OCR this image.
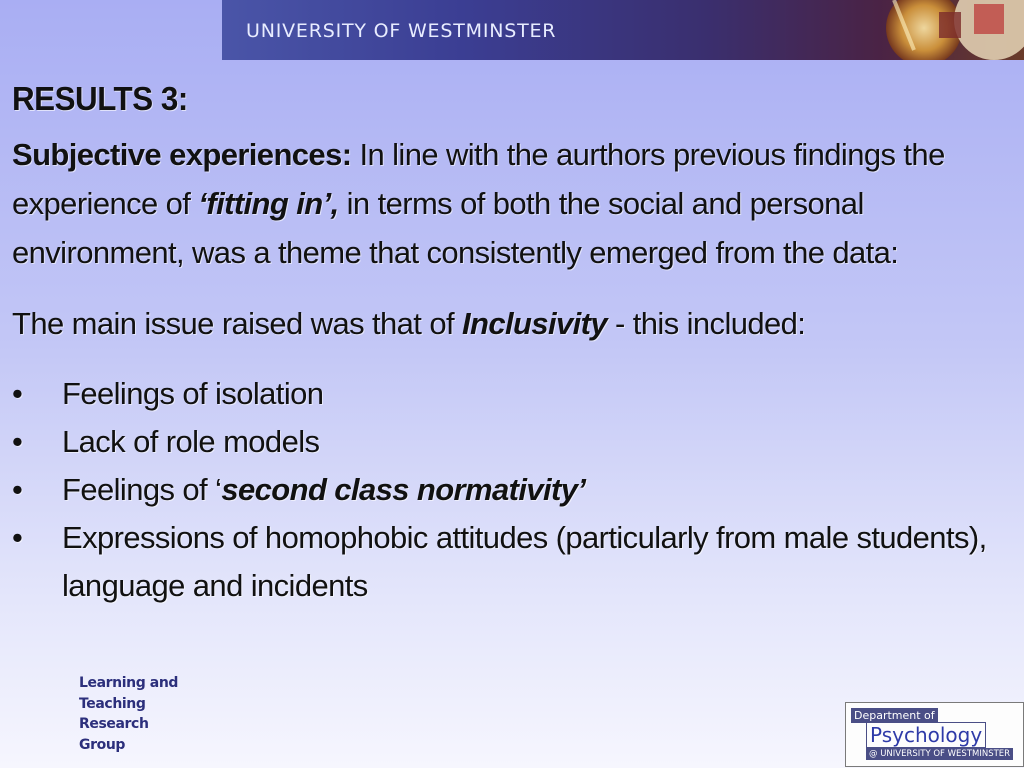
UNIVERSITY OF WESTMINSTER
RESULTS 3:
Subjective experiences: In line with the aurthors previous findings the experience of ‘fitting in’, in terms of both the social and personal environment, was a theme that consistently emerged from the data:
The main issue raised was that of Inclusivity - this included:
• Feelings of isolation
• Lack of role models
• Feelings of ‘second class normativity’
• Expressions of homophobic attitudes (particularly from male students), language and incidents
Learning and
Teaching
Research
Group
Department of
Psychology
@ UNIVERSITY OF WESTMINSTER
